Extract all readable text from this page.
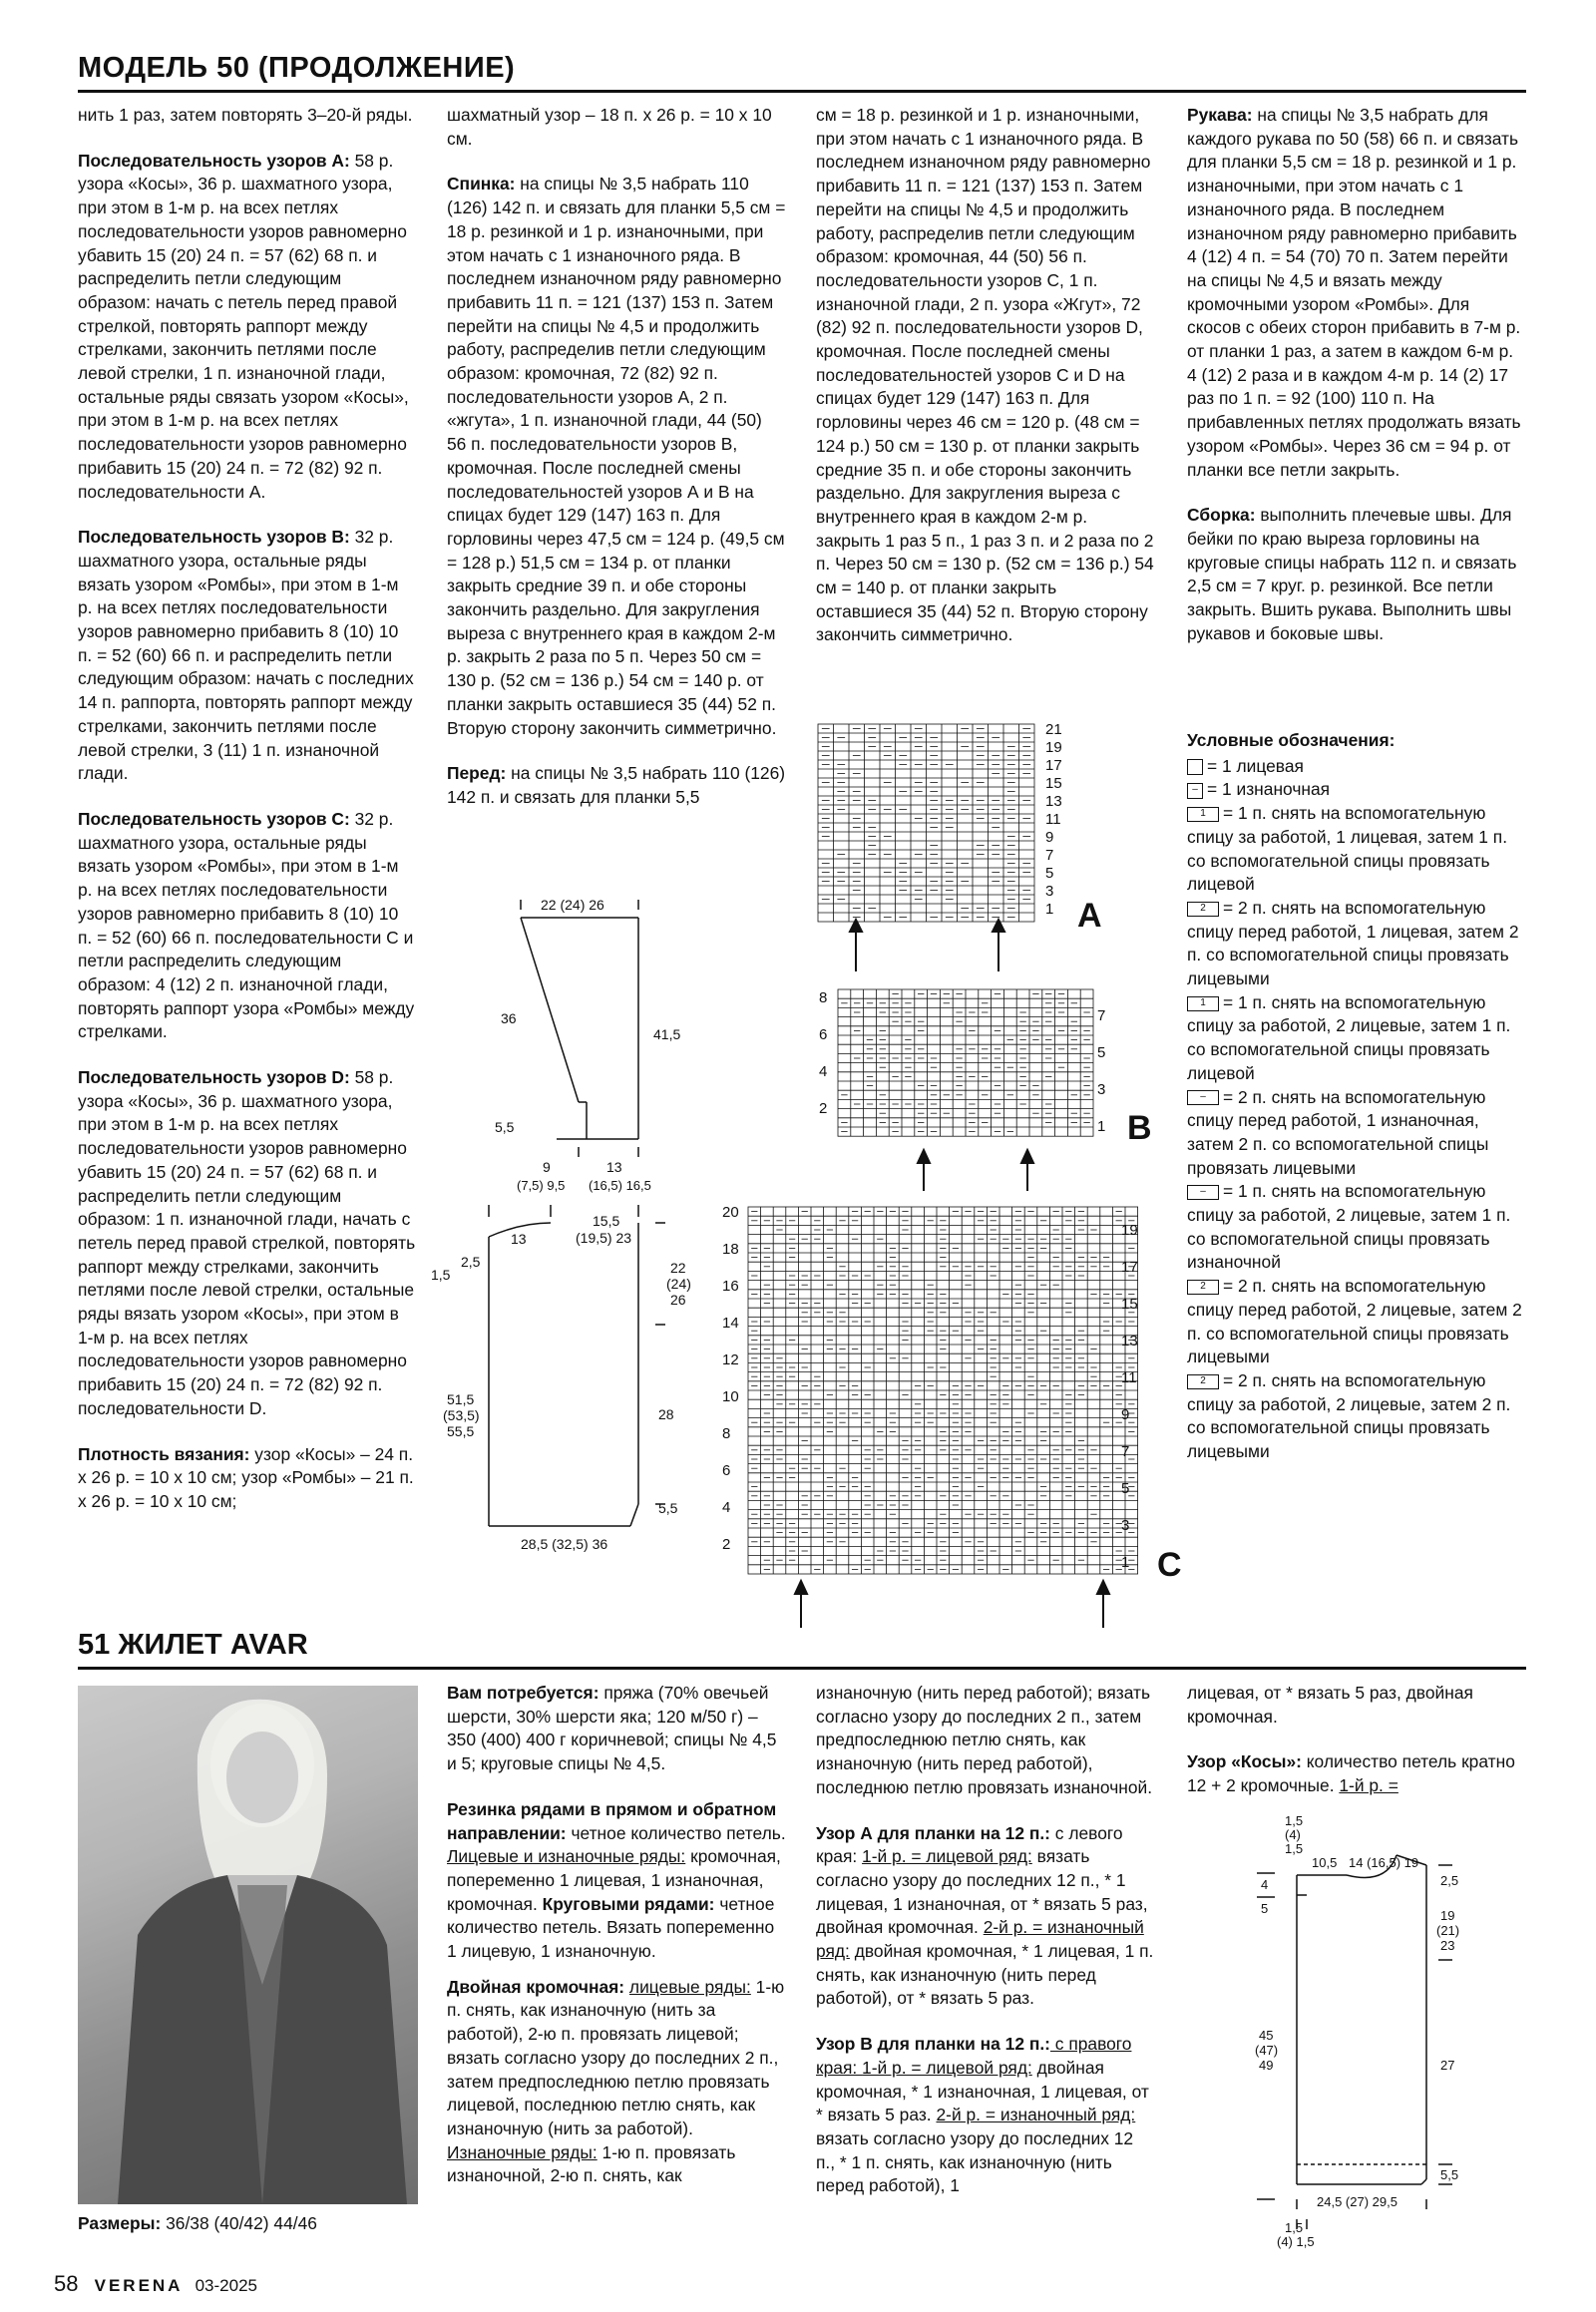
МОДЕЛЬ 50 (ПРОДОЛЖЕНИЕ)

нить 1 раз, затем повторять 3–20-й ряды.

Последовательность узоров А: 58 р. узора «Косы», 36 р. шахматного узора, при этом в 1-м р. на всех петлях последовательности узоров равномерно убавить 15 (20) 24 п. = 57 (62) 68 п. и распределить петли следующим образом: начать с петель перед правой стрелкой, повторять раппорт между стрелками, закончить петлями после левой стрелки, 1 п. изнаночной глади, остальные ряды связать узором «Косы», при этом в 1-м р. на всех петлях последовательности узоров равномерно прибавить 15 (20) 24 п. = 72 (82) 92 п. последовательности А.

Последовательность узоров В: 32 р. шахматного узора, остальные ряды вязать узором «Ромбы», при этом в 1-м р. на всех петлях последовательности узоров равномерно прибавить 8 (10) 10 п. = 52 (60) 66 п. и распределить петли следующим образом: начать с последних 14 п. раппорта, повторять раппорт между стрелками, закончить петлями после левой стрелки, 3 (11) 1 п. изнаночной глади.

Последовательность узоров С: 32 р. шахматного узора, остальные ряды вязать узором «Ромбы», при этом в 1-м р. на всех петлях последовательности узоров равномерно прибавить 8 (10) 10 п. = 52 (60) 66 п. последовательности С и петли распределить следующим образом: 4 (12) 2 п. изнаночной глади, повторять раппорт узора «Ромбы» между стрелками.

Последовательность узоров D: 58 р. узора «Косы», 36 р. шахматного узора, при этом в 1-м р. на всех петлях последовательности узоров равномерно убавить 15 (20) 24 п. = 57 (62) 68 п. и распределить петли следующим образом: 1 п. изнаночной глади, начать с петель перед правой стрелкой, повторять раппорт между стрелками, закончить петлями после левой стрелки, остальные ряды вязать узором «Косы», при этом в 1-м р. на всех петлях последовательности узоров равномерно прибавить 15 (20) 24 п. = 72 (82) 92 п. последовательности D.

Плотность вязания: узор «Косы» – 24 п. х 26 р. = 10 х 10 см; узор «Ромбы» – 21 п. х 26 р. = 10 х 10 см;

шахматный узор – 18 п. х 26 р. = 10 х 10 см.

Спинка: на спицы № 3,5 набрать 110 (126) 142 п. и связать для планки 5,5 см = 18 р. резинкой и 1 р. изнаночными, при этом начать с 1 изнаночного ряда. В последнем изнаночном ряду равномерно прибавить 11 п. = 121 (137) 153 п. Затем перейти на спицы № 4,5 и продолжить работу, распределив петли следующим образом: кромочная, 72 (82) 92 п. последовательности узоров А, 2 п. «жгута», 1 п. изнаночной глади, 44 (50) 56 п. последовательности узоров В, кромочная. После последней смены последовательностей узоров А и В на спицах будет 129 (147) 163 п. Для горловины через 47,5 см = 124 р. (49,5 см = 128 р.) 51,5 см = 134 р. от планки закрыть средние 39 п. и обе стороны закончить раздельно. Для закругления выреза с внутреннего края в каждом 2-м р. закрыть 2 раза по 5 п. Через 50 см = 130 р. (52 см = 136 р.) 54 см = 140 р. от планки закрыть оставшиеся 35 (44) 52 п. Вторую сторону закончить симметрично.

Перед: на спицы № 3,5 набрать 110 (126) 142 п. и связать для планки 5,5

см = 18 р. резинкой и 1 р. изнаночными, при этом начать с 1 изнаночного ряда. В последнем изнаночном ряду равномерно прибавить 11 п. = 121 (137) 153 п. Затем перейти на спицы № 4,5 и продолжить работу, распределив петли следующим образом: кромочная, 44 (50) 56 п. последовательности узоров С, 1 п. изнаночной глади, 2 п. узора «Жгут», 72 (82) 92 п. последовательности узоров D, кромочная. После последней смены последовательностей узоров С и D на спицах будет 129 (147) 163 п. Для горловины через 46 см = 120 р. (48 см = 124 р.) 50 см = 130 р. от планки закрыть средние 35 п. и обе стороны закончить раздельно. Для закругления выреза с внутреннего края в каждом 2-м р. закрыть 1 раз 5 п., 1 раз 3 п. и 2 раза по 2 п. Через 50 см = 130 р. (52 см = 136 р.) 54 см = 140 р. от планки закрыть оставшиеся 35 (44) 52 п. Вторую сторону закончить симметрично.

Рукава: на спицы № 3,5 набрать для каждого рукава по 50 (58) 66 п. и связать для планки 5,5 см = 18 р. резинкой и 1 р. изнаночными, при этом начать с 1 изнаночного ряда. В последнем изнаночном ряду равномерно прибавить 4 (12) 4 п. = 54 (70) 70 п. Затем перейти на спицы № 4,5 и вязать между кромочными узором «Ромбы». Для скосов с обеих сторон прибавить в 7-м р. от планки 1 раз, а затем в каждом 6-м р. 4 (12) 2 раза и в каждом 4-м р. 14 (2) 17 раз по 1 п. = 92 (100) 110 п. На прибавленных петлях продолжать вязать узором «Ромбы». Через 36 см = 94 р. от планки все петли закрыть.

Сборка: выполнить плечевые швы. Для бейки по краю выреза горловины на круговые спицы набрать 112 п. и связать 2,5 см = 7 круг. р. резинкой. Все петли закрыть. Вшить рукава. Выполнить швы рукавов и боковые швы.

Условные обозначения:
= 1 лицевая
– = 1 изнаночная
1 = 1 п. снять на вспомогательную спицу за работой, 1 лицевая, затем 1 п. со вспомогательной спицы провязать лицевой
2 = 2 п. снять на вспомогательную спицу перед работой, 1 лицевая, затем 2 п. со вспомогательной спицы провязать лицевыми
1 = 1 п. снять на вспомогательную спицу за работой, 2 лицевые, затем 1 п. со вспомогательной спицы провязать лицевой
– = 2 п. снять на вспомогательную спицу перед работой, 1 изнаночная, затем 2 п. со вспомогательной спицы провязать лицевыми
– = 1 п. снять на вспомогательную спицу за работой, 2 лицевые, затем 1 п. со вспомогательной спицы провязать изнаночной
2 = 2 п. снять на вспомогательную спицу перед работой, 2 лицевые, затем 2 п. со вспомогательной спицы провязать лицевыми
2 = 2 п. снять на вспомогательную спицу за работой, 2 лицевые, затем 2 п. со вспомогательной спицы провязать лицевыми
22 (24) 26
36
41,5
5,5
9	13
(7,5) 9,5 (16,5) 16,5
13
15,5
(19,5) 23
2,5
1,5	22
(24)
26
51,5
(53,5)
55,5
28
5,5
28,5 (32,5) 36
21
19
17
15
13
11
9
7
5
3
1 A
8
6
4
2
7
5
3
1 B
20
18
16
14
12
10
8
6
4
2
19
17
15
13
11
9
7
5
3
1 C
51 ЖИЛЕТ AVAR
Размеры: 36/38 (40/42) 44/46

Вам потребуется: пряжа (70% овечьей шерсти, 30% шерсти яка; 120 м/50 г) – 350 (400) 400 г коричневой; спицы № 4,5 и 5; круговые спицы № 4,5.

Резинка рядами в прямом и обратном направлении: четное количество петель. Лицевые и изнаночные ряды: кромочная, попеременно 1 лицевая, 1 изнаночная, кромочная. Круговыми рядами: четное количество петель. Вязать попеременно 1 лицевую, 1 изнаночную.

Двойная кромочная: лицевые ряды: 1-ю п. снять, как изнаночную (нить за работой), 2-ю п. провязать лицевой; вязать согласно узору до последних 2 п., затем предпоследнюю петлю провязать лицевой, последнюю петлю снять, как изнаночную (нить за работой). Изнаночные ряды: 1-ю п. провязать изнаночной, 2-ю п. снять, как

изнаночную (нить перед работой); вязать согласно узору до последних 2 п., затем предпоследнюю петлю снять, как изнаночную (нить перед работой), последнюю петлю провязать изнаночной.

Узор А для планки на 12 п.: с левого края: 1-й р. = лицевой ряд: вязать согласно узору до последних 12 п., * 1 лицевая, 1 изнаночная, от * вязать 5 раз, двойная кромочная. 2-й р. = изнаночный ряд: двойная кромочная, * 1 лицевая, 1 п. снять, как изнаночную (нить перед работой), от * вязать 5 раз.

Узор В для планки на 12 п.: с правого края: 1-й р. = лицевой ряд: двойная кромочная, * 1 изнаночная, 1 лицевая, от * вязать 5 раз. 2-й р. = изнаночный ряд: вязать согласно узору до последних 12 п., * 1 п. снять, как изнаночную (нить перед работой), 1

лицевая, от * вязать 5 раз, двойная кромочная.

Узор «Косы»: количество петель кратно 12 + 2 кромочные. 1-й р. =

1,5
(4)
1,5
10,5 14 (16,5) 19
4
5
2,5
19
(21)
23
45
(47)
49	27
5,5
24,5 (27) 29,5
1,5
(4) 1,5
58 VERENA 03-2025
